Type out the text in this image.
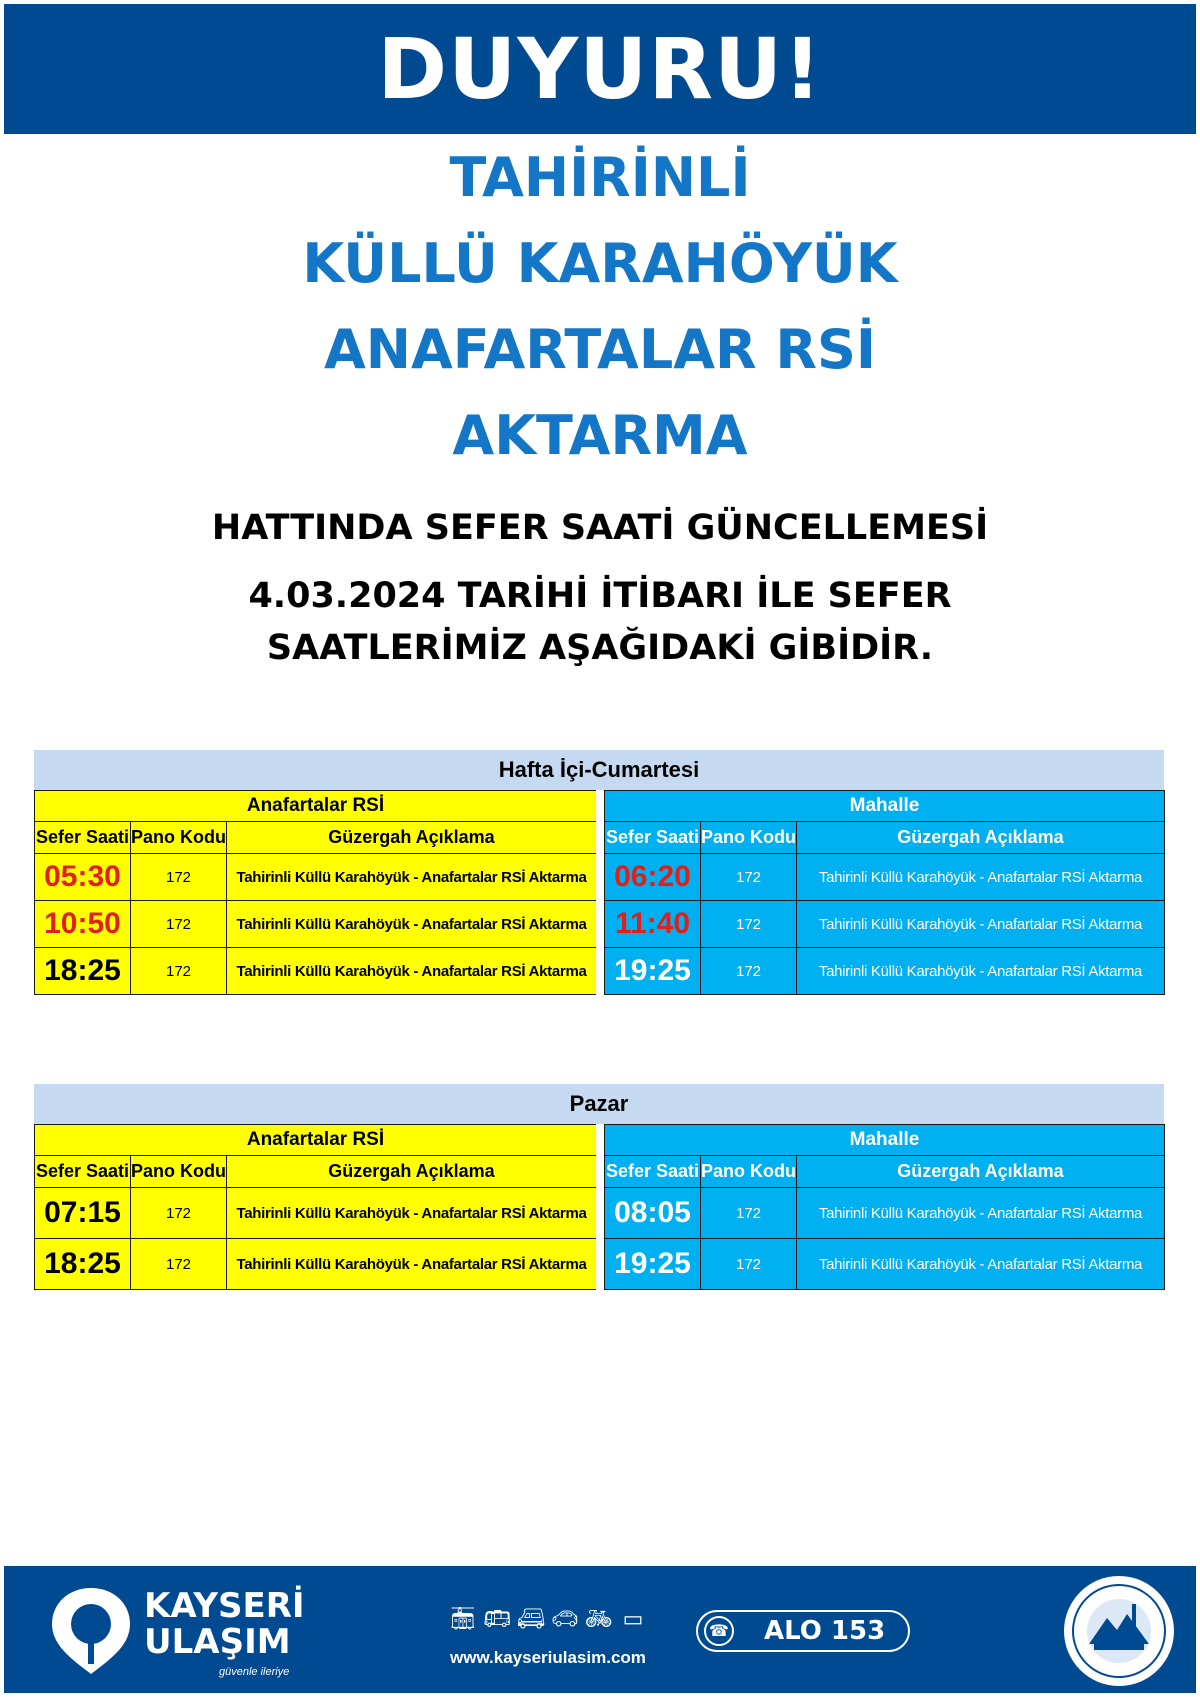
DUYURU!
TAHİRİNLİ
KÜLLÜ KARAHÖYÜK
ANAFARTALAR RSİ
AKTARMA
HATTINDA SEFER SAATİ GÜNCELLEMESİ
4.03.2024 TARİHİ İTİBARI İLE SEFER
SAATLERİMİZ AŞAĞIDAKİ GİBİDİR.
Hafta İçi-Cumartesi
Anafartalar RSİ	Mahalle
Sefer Saati Pano Kodu	Güzergah Açıklama	Sefer Saati Pano Kodu	Güzergah Açıklama
05:30	172	Tahirinli Küllü Karahöyük - Anafartalar RSİ Aktarma 06:20	172	Tahirinli Küllü Karahöyük - Anafartalar RSİ Aktarma
10:50	172	Tahirinli Küllü Karahöyük - Anafartalar RSİ Aktarma 11:40	172	Tahirinli Küllü Karahöyük - Anafartalar RSİ Aktarma
18:25	172	Tahirinli Küllü Karahöyük - Anafartalar RSİ Aktarma 19:25	172	Tahirinli Küllü Karahöyük - Anafartalar RSİ Aktarma
Pazar
Anafartalar RSİ	Mahalle
Sefer Saati Pano Kodu	Güzergah Açıklama	Sefer Saati Pano Kodu	Güzergah Açıklama
07:15	172	Tahirinli Küllü Karahöyük - Anafartalar RSİ Aktarma 08:05	172	Tahirinli Küllü Karahöyük - Anafartalar RSİ Aktarma
18:25	172	Tahirinli Küllü Karahöyük - Anafartalar RSİ Aktarma 19:25	172	Tahirinli Küllü Karahöyük - Anafartalar RSİ Aktarma
KAYSERİ
ULAŞIM
güvenle ileriye
🚋︎ 🚌︎ 🚐︎ 🚗︎ 🚲︎ ▭
www.kayseriulasim.com
☎ ALO 153
